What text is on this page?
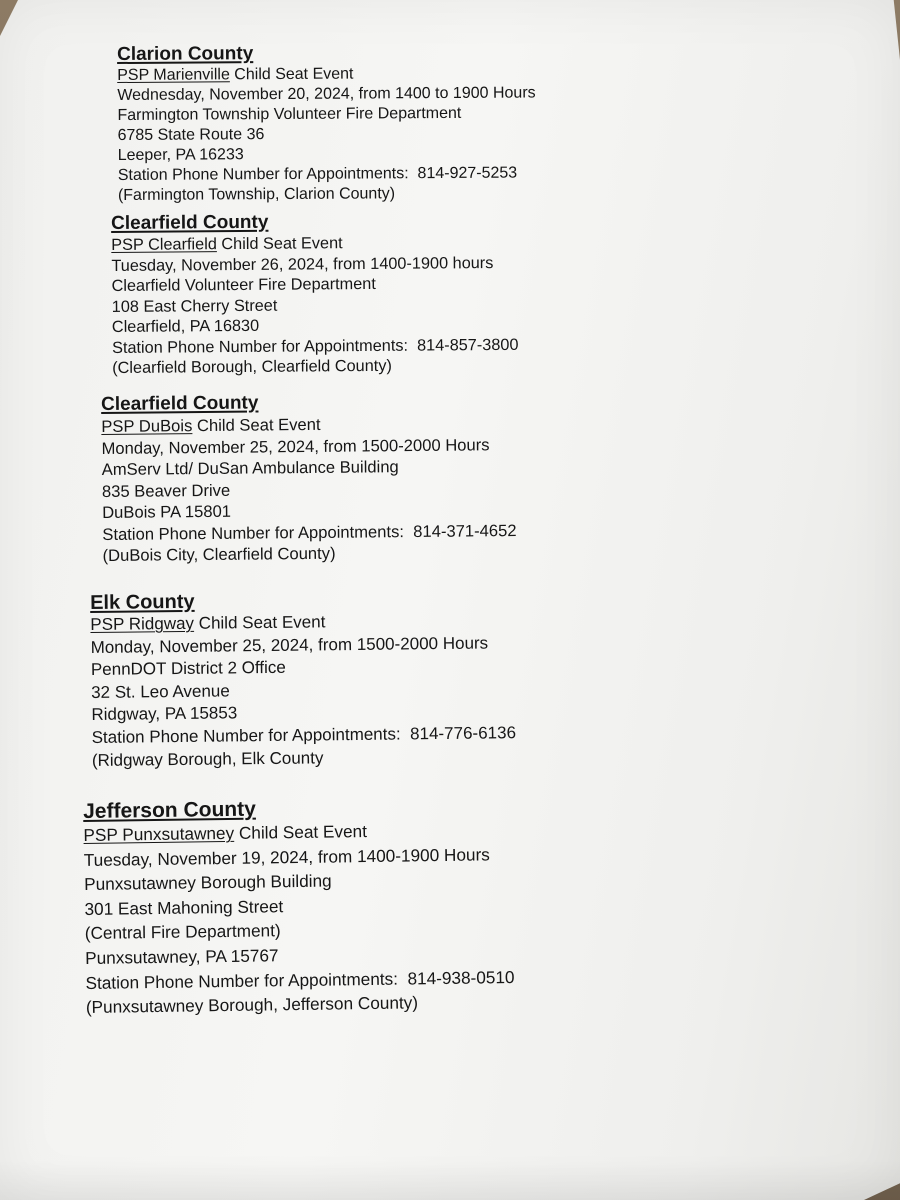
Clarion County
PSP Marienville Child Seat Event
Wednesday, November 20, 2024, from 1400 to 1900 Hours
Farmington Township Volunteer Fire Department
6785 State Route 36
Leeper, PA 16233
Station Phone Number for Appointments: 814-927-5253
(Farmington Township, Clarion County)
Clearfield County
PSP Clearfield Child Seat Event
Tuesday, November 26, 2024, from 1400-1900 hours
Clearfield Volunteer Fire Department
108 East Cherry Street
Clearfield, PA 16830
Station Phone Number for Appointments: 814-857-3800
(Clearfield Borough, Clearfield County)
Clearfield County
PSP DuBois Child Seat Event
Monday, November 25, 2024, from 1500-2000 Hours
AmServ Ltd/ DuSan Ambulance Building
835 Beaver Drive
DuBois PA 15801
Station Phone Number for Appointments: 814-371-4652
(DuBois City, Clearfield County)
Elk County
PSP Ridgway Child Seat Event
Monday, November 25, 2024, from 1500-2000 Hours
PennDOT District 2 Office
32 St. Leo Avenue
Ridgway, PA 15853
Station Phone Number for Appointments: 814-776-6136
(Ridgway Borough, Elk County
Jefferson County
PSP Punxsutawney Child Seat Event
Tuesday, November 19, 2024, from 1400-1900 Hours
Punxsutawney Borough Building
301 East Mahoning Street
(Central Fire Department)
Punxsutawney, PA 15767
Station Phone Number for Appointments: 814-938-0510
(Punxsutawney Borough, Jefferson County)
